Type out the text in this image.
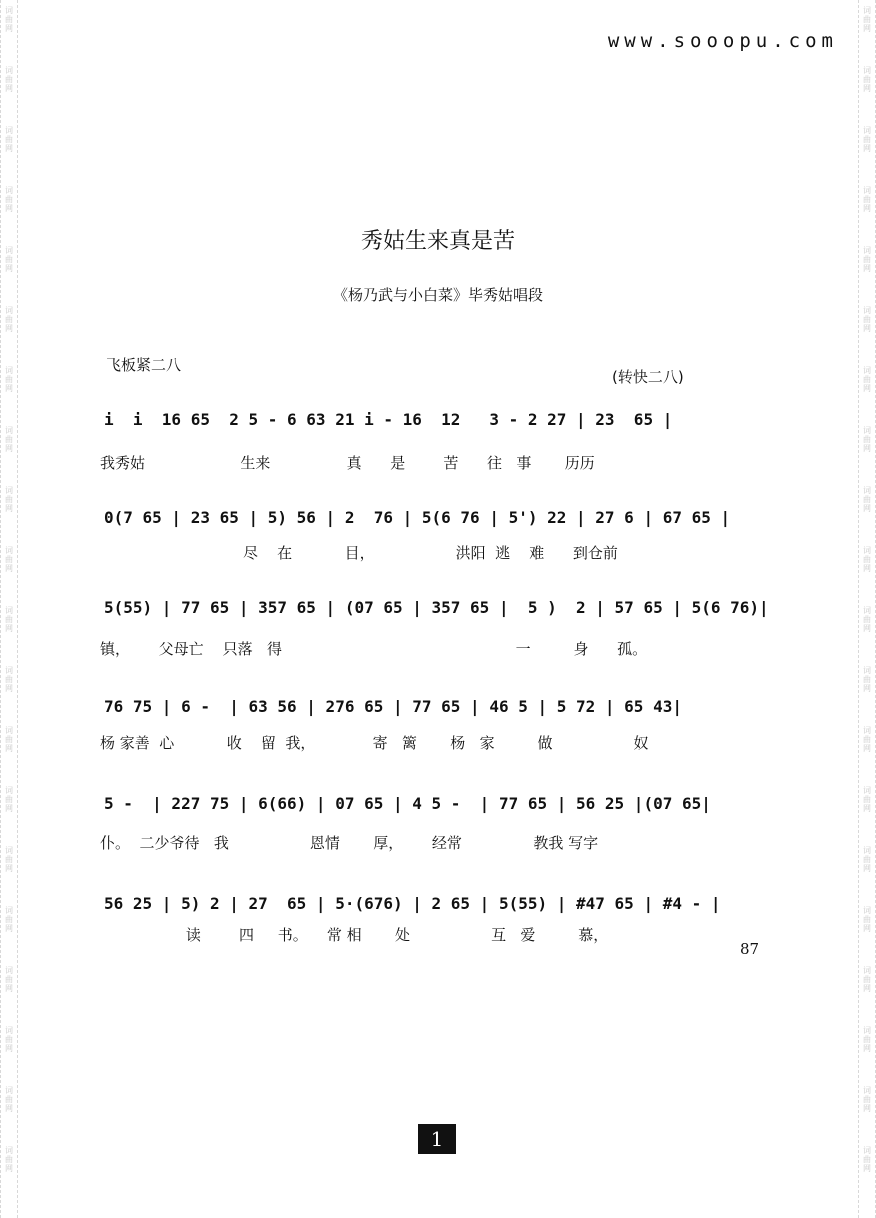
词
曲
网
词
曲
网
词
曲
网
词
曲
网
词
曲
网
词
曲
网
词
曲
网
词
曲
网
词
曲
网
词
曲
网
词
曲
网
词
曲
网
词
曲
网
词
曲
网
词
曲
网
词
曲
网
词
曲
网
词
曲
网
词
曲
网
词
曲
网
词
曲
网
词
曲
网
词
曲
网
词
曲
网
词
曲
网
词
曲
网
词
曲
网
词
曲
网
词
曲
网
词
曲
网
词
曲
网
词
曲
网
词
曲
网
词
曲
网
词
曲
网
词
曲
网
词
曲
网
词
曲
网
词
曲
网
词
曲
网
www.sooopu.com
秀姑生来真是苦
《杨乃武与小白菜》毕秀姑唱段
飞板紧二八
(转快二八)
i  i  16 65  2 5 - 6 63 21 i - 16  12   3 - 2 27 | 23  65 |
我秀姑                    生来                真      是        苦      往   事       历历
0(7 65 | 23 65 | 5) 56 | 2  76 | 5(6 76 | 5') 22 | 27 6 | 67 65 |
尽    在           目，                 洪阳  逃    难      到仓前
5(55) | 77 65 | 357 65 | (07 65 | 357 65 |  5 )  2 | 57 65 | 5(6 76)|
镇，      父母亡    只落   得                                                 一         身      孤。
76 75 | 6 -  | 63 56 | 276 65 | 77 65 | 46 5 | 5 72 | 65 43|
杨 家善  心           收    留  我，            寄   篱       杨   家         做                 奴
5 -  | 227 75 | 6(66) | 07 65 | 4 5 -  | 77 65 | 56 25 |(07 65|
仆。  二少爷待   我                 恩情       厚，      经常               教我 写字
56 25 | 5) 2 | 27  65 | 5·(676) | 2 65 | 5(55) | #47 65 | #4 - |
读        四     书。    常 相       处                 互   爱         慕，
87
1
